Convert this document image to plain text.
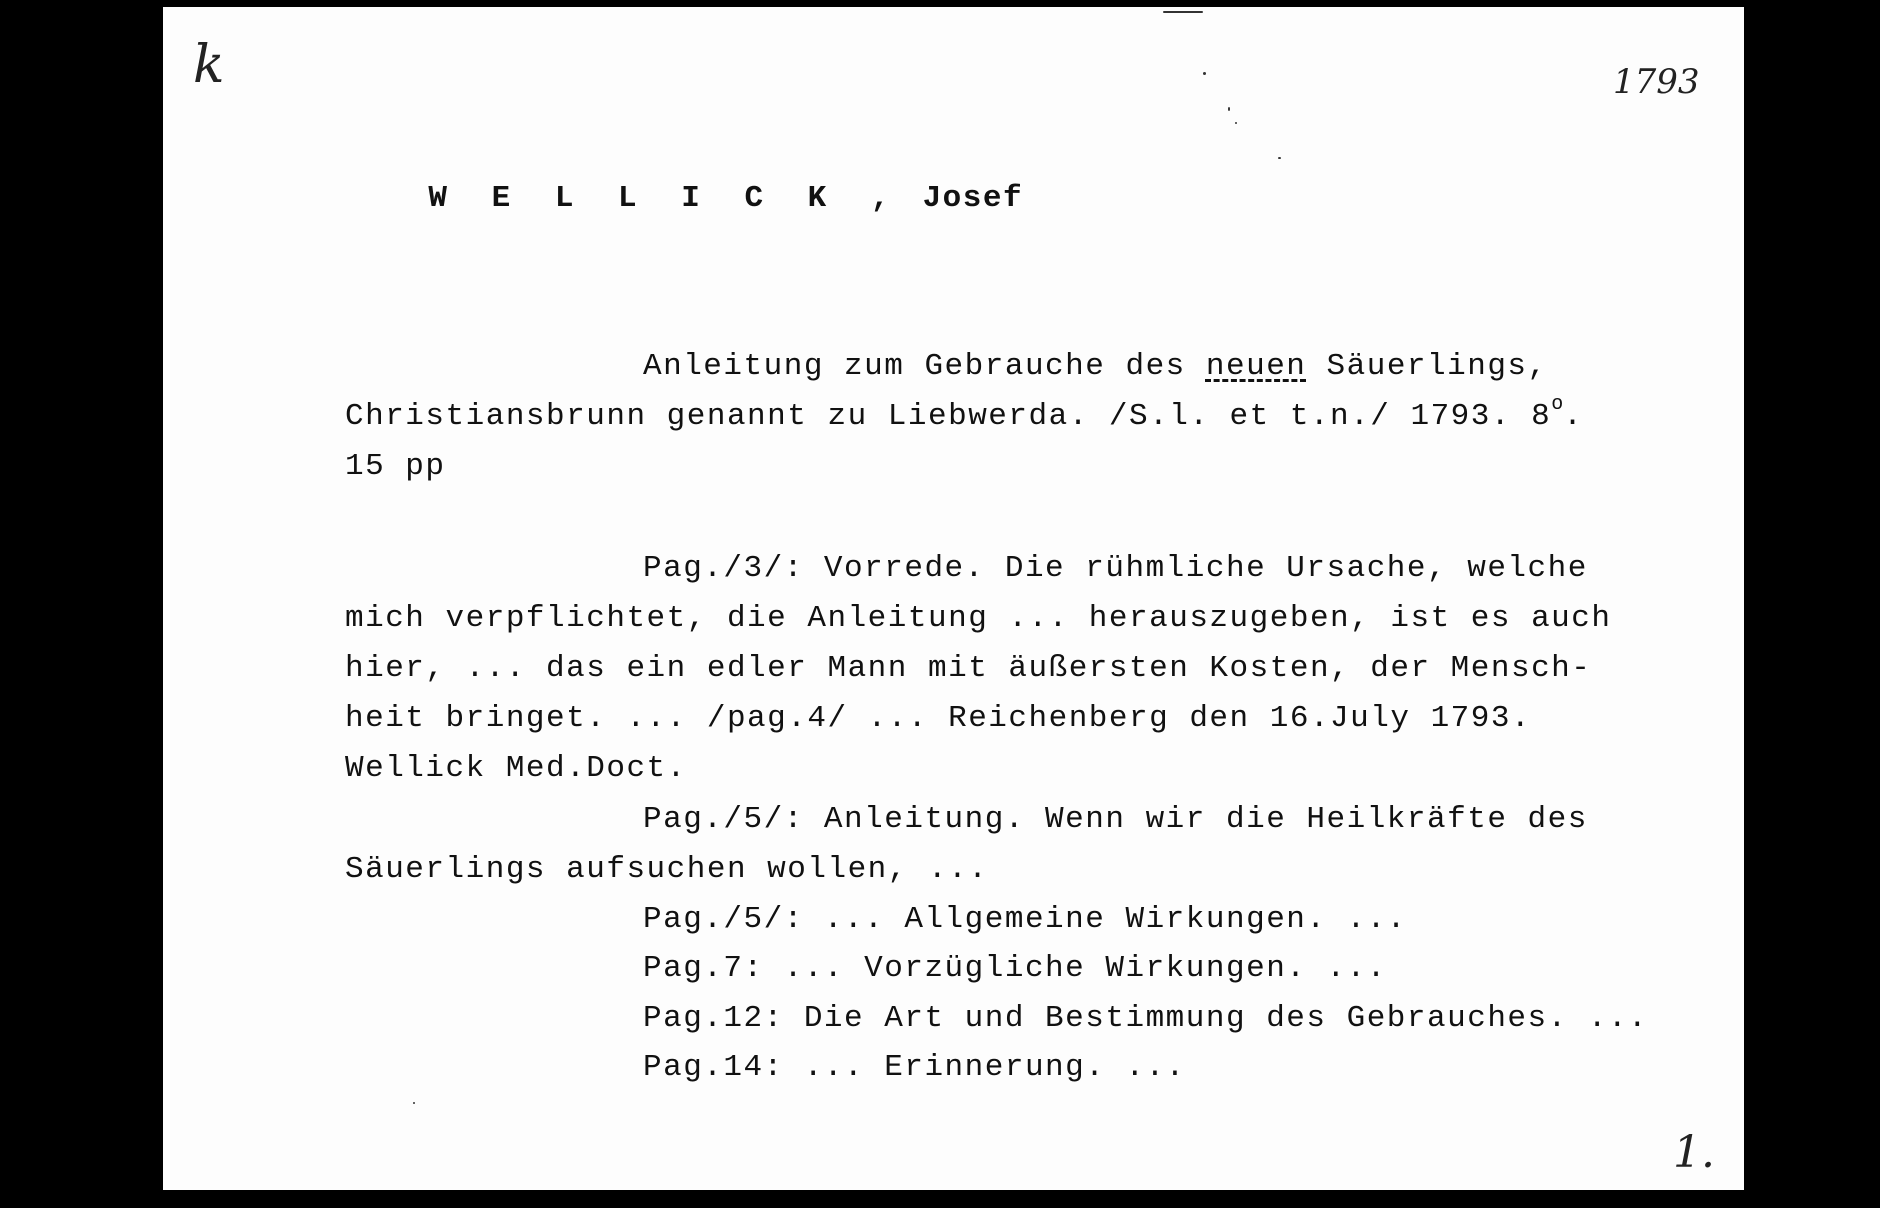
k	1793

1.

W E L L I C K , Josef

Anleitung zum Gebrauche des neuen Säuerlings,
Christiansbrunn genannt zu Liebwerda. /S.l. et t.n./ 1793. 8$^o$.
15 pp
Pag./3/: Vorrede. Die rühmliche Ursache, welche
mich verpflichtet, die Anleitung ... herauszugeben, ist es auch
hier, ... das ein edler Mann mit äußersten Kosten, der Mensch-
heit bringet. ... /pag.4/ ... Reichenberg den 16.July 1793.
Wellick Med.Doct.
Pag./5/: Anleitung. Wenn wir die Heilkräfte des
Säuerlings aufsuchen wollen, ...
Pag./5/: ... Allgemeine Wirkungen. ...
Pag.7: ... Vorzügliche Wirkungen. ...
Pag.12: Die Art und Bestimmung des Gebrauches. ...
Pag.14: ... Erinnerung. ...
